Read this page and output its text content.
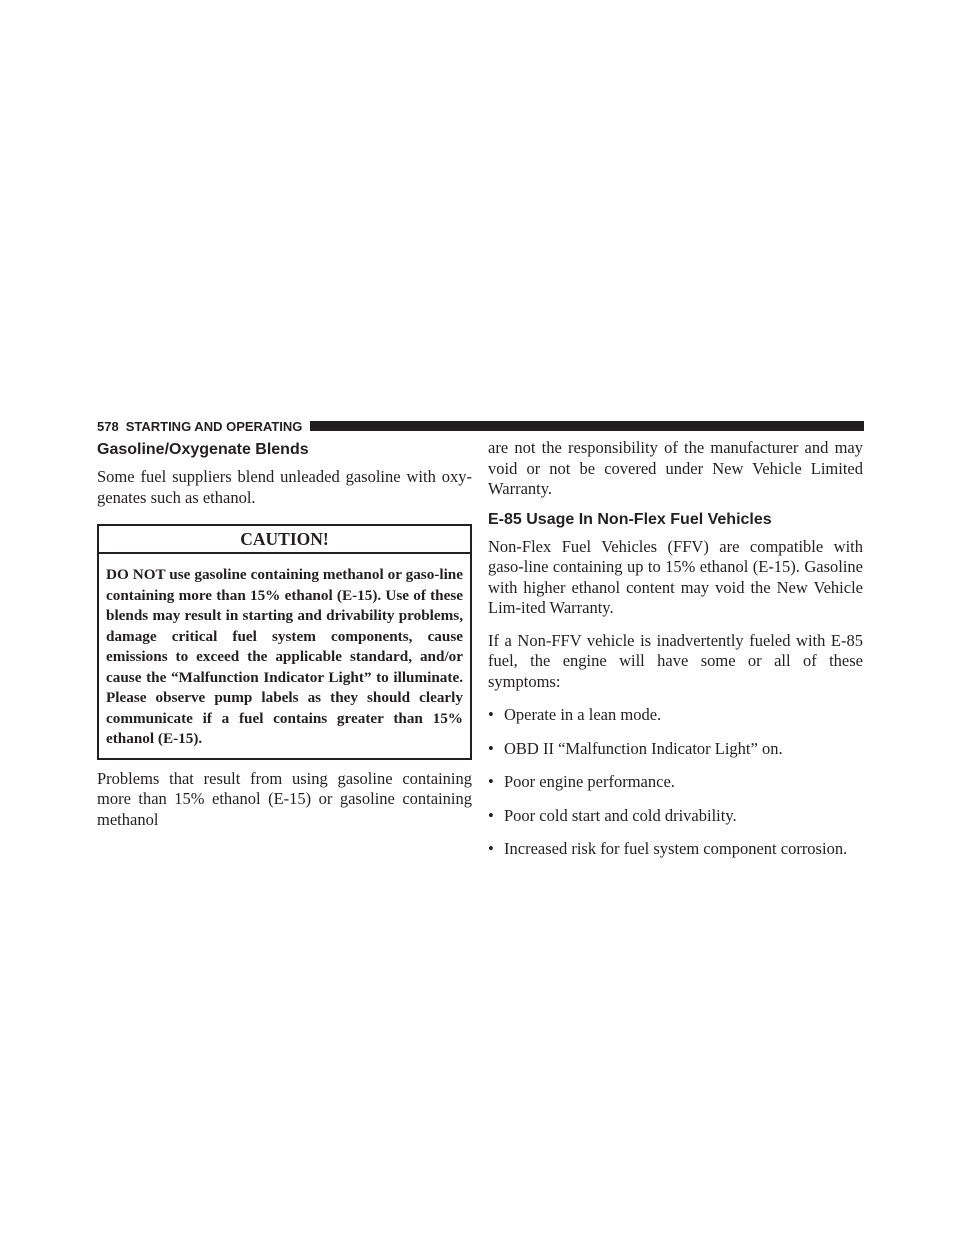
578 STARTING AND OPERATING
Gasoline/Oxygenate Blends

Some fuel suppliers blend unleaded gasoline with oxy-genates such as ethanol.

CAUTION!
DO NOT use gasoline containing methanol or gaso-line containing more than 15% ethanol (E-15). Use of these blends may result in starting and drivability problems, damage critical fuel system components, cause emissions to exceed the applicable standard, and/or cause the “Malfunction Indicator Light” to illuminate. Please observe pump labels as they should clearly communicate if a fuel contains greater than 15% ethanol (E-15).

Problems that result from using gasoline containing more than 15% ethanol (E-15) or gasoline containing methanol

are not the responsibility of the manufacturer and may void or not be covered under New Vehicle Limited Warranty.

E-85 Usage In Non-Flex Fuel Vehicles

Non-Flex Fuel Vehicles (FFV) are compatible with gaso-line containing up to 15% ethanol (E-15). Gasoline with higher ethanol content may void the New Vehicle Lim-ited Warranty.

If a Non-FFV vehicle is inadvertently fueled with E-85 fuel, the engine will have some or all of these symptoms:

• Operate in a lean mode.
• OBD II “Malfunction Indicator Light” on.
• Poor engine performance.
• Poor cold start and cold drivability.
• Increased risk for fuel system component corrosion.
